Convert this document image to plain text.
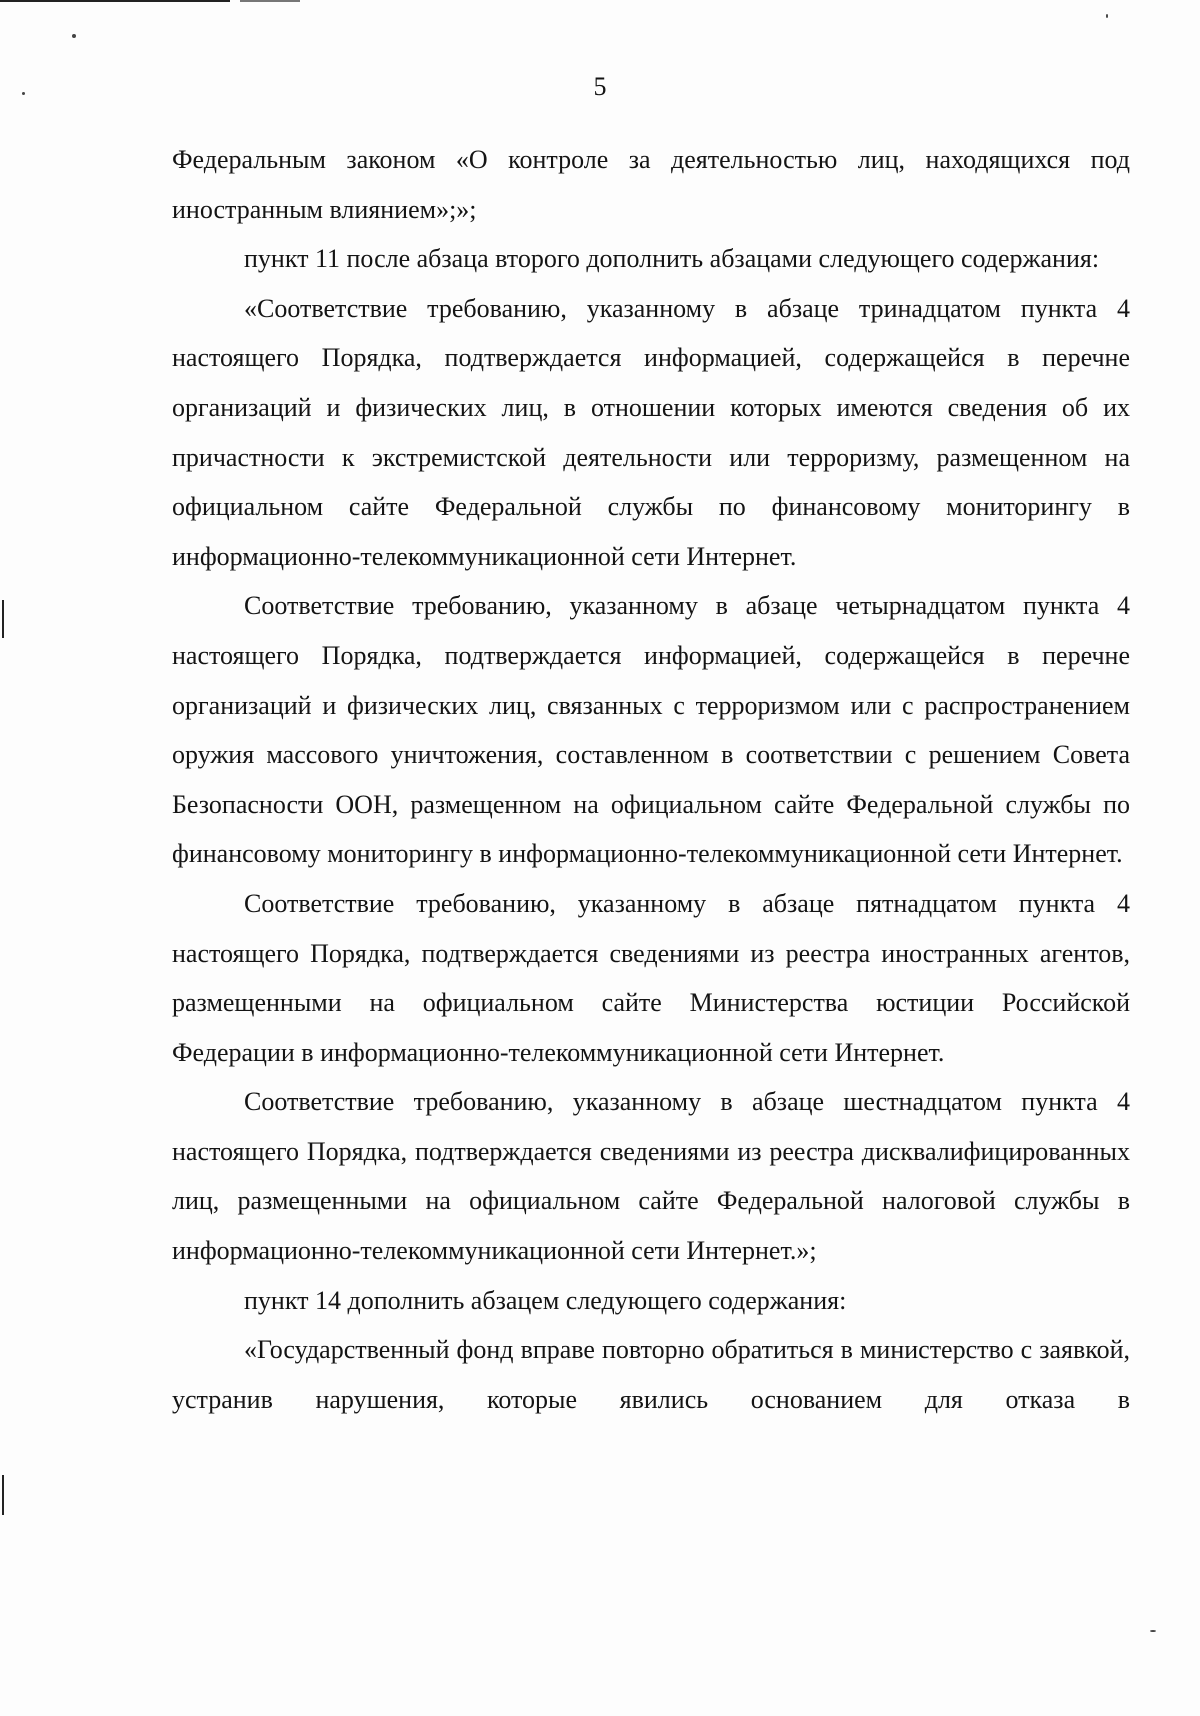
5

Федеральным законом «О контроле за деятельностью лиц, находящихся под иностранным влиянием»;»;

пункт 11 после абзаца второго дополнить абзацами следующего содержания:

«Соответствие требованию, указанному в абзаце тринадцатом пункта 4 настоящего Порядка, подтверждается информацией, содержащейся в перечне организаций и физических лиц, в отношении которых имеются сведения об их причастности к экстремистской деятельности или терроризму, размещенном на официальном сайте Федеральной службы по финансовому мониторингу в информационно-телекоммуникационной сети Интернет.

Соответствие требованию, указанному в абзаце четырнадцатом пункта 4 настоящего Порядка, подтверждается информацией, содержащейся в перечне организаций и физических лиц, связанных с терроризмом или с распространением оружия массового уничтожения, составленном в соответствии с решением Совета Безопасности ООН, размещенном на официальном сайте Федеральной службы по финансовому мониторингу в информационно-телекоммуникационной сети Интернет.

Соответствие требованию, указанному в абзаце пятнадцатом пункта 4 настоящего Порядка, подтверждается сведениями из реестра иностранных агентов, размещенными на официальном сайте Министерства юстиции Российской Федерации в информационно-телекоммуникационной сети Интернет.

Соответствие требованию, указанному в абзаце шестнадцатом пункта 4 настоящего Порядка, подтверждается сведениями из реестра дисквалифицированных лиц, размещенными на официальном сайте Федеральной налоговой службы в информационно-телекоммуникационной сети Интернет.»;

пункт 14 дополнить абзацем следующего содержания:

«Государственный фонд вправе повторно обратиться в министерство с заявкой, устранив нарушения, которые явились основанием для отказа в
